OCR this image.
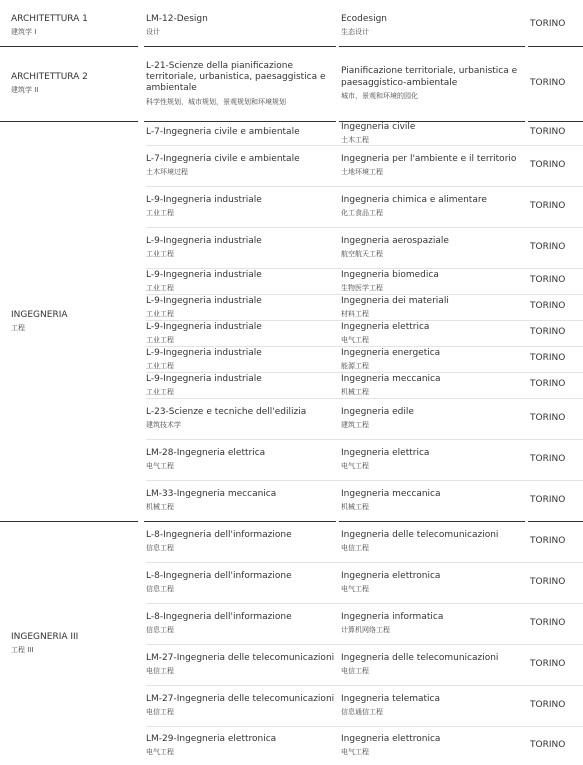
ARCHITETTURA 1
建筑学 I
LM-12-Design
设计
Ecodesign
生态设计
TORINO
ARCHITETTURA 2
建筑学 II
L-21-Scienze della pianificazione territoriale, urbanistica, paesaggistica e ambientale
科学性规划，城市规划，景观规划和环境规划
Pianificazione territoriale, urbanistica e paesaggistico-ambientale
城市，景观和环境的园化
TORINO
INGEGNERIA
工程
L-7-Ingegneria civile e ambientale
Ingegneria civile
土木工程
TORINO
L-7-Ingegneria civile e ambientale
土木环境过程
Ingegneria per l'ambiente e il territorio
土地环境工程
TORINO
L-9-Ingegneria industriale
工业工程
Ingegneria chimica e alimentare
化工食品工程
TORINO
L-9-Ingegneria industriale
工业工程
Ingegneria aerospaziale
航空航天工程
TORINO
L-9-Ingegneria industriale
工业工程
Ingegneria biomedica
生物医学工程
TORINO
L-9-Ingegneria industriale
工业工程
Ingegneria dei materiali
材料工程
TORINO
L-9-Ingegneria industriale
工业工程
Ingegneria elettrica
电气工程
TORINO
L-9-Ingegneria industriale
工业工程
Ingegneria energetica
能源工程
TORINO
L-9-Ingegneria industriale
工业工程
Ingegneria meccanica
机械工程
TORINO
L-23-Scienze e tecniche dell'edilizia
建筑技术学
Ingegneria edile
建筑工程
TORINO
LM-28-Ingegneria elettrica
电气工程
Ingegneria elettrica
电气工程
TORINO
LM-33-Ingegneria meccanica
机械工程
Ingegneria meccanica
机械工程
TORINO
INGEGNERIA III
工程 III
L-8-Ingegneria dell'informazione
信息工程
Ingegneria delle telecomunicazioni
电信工程
TORINO
L-8-Ingegneria dell'informazione
信息工程
Ingegneria elettronica
电气工程
TORINO
L-8-Ingegneria dell'informazione
信息工程
Ingegneria informatica
计算机网络工程
TORINO
LM-27-Ingegneria delle telecomunicazioni
电信工程
Ingegneria delle telecomunicazioni
电信工程
TORINO
LM-27-Ingegneria delle telecomunicazioni
电信工程
Ingegneria telematica
信息通信工程
TORINO
LM-29-Ingegneria elettronica
电气工程
Ingegneria elettronica
电气工程
TORINO
